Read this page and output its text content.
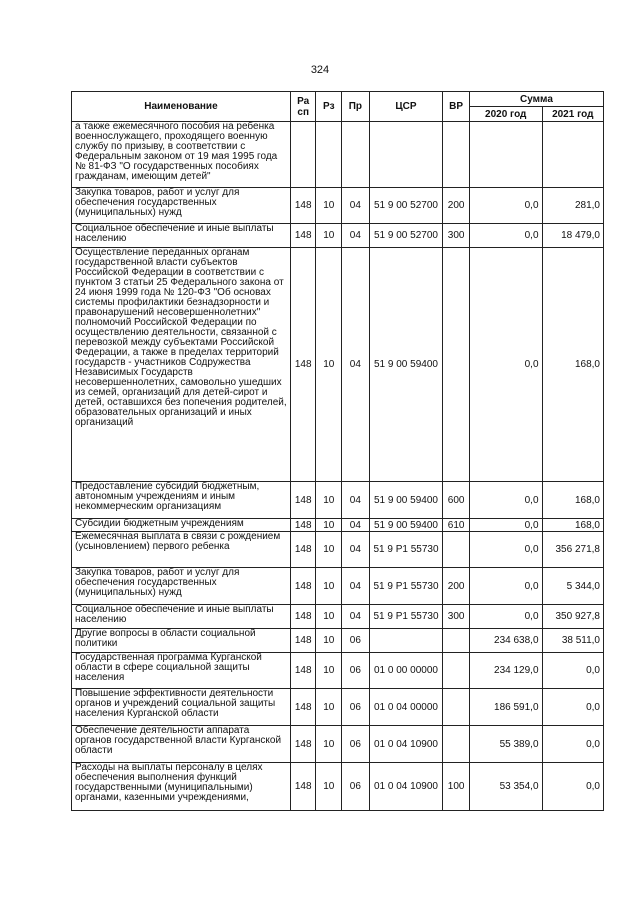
324
Наименование	Ра сп	Рз	Пр	ЦСР	ВР	Сумма	
						2020 год	2021 год
а также ежемесячного пособия на ребенка военнослужащего, проходящего военную службу по призыву, в соответствии с Федеральным законом от 19 мая 1995 года № 81-ФЗ "О государственных пособиях гражданам, имеющим детей"							
Закупка товаров, работ и услуг для обеспечения государственных (муниципальных) нужд	148	10	04	51 9 00 52700	200	0,0	281,0
Социальное обеспечение и иные выплаты населению	148	10	04	51 9 00 52700	300	0,0	18 479,0
Осуществление переданных органам государственной власти субъектов Российской Федерации в соответствии с пунктом 3 статьи 25 Федерального закона от 24 июня 1999 года № 120-ФЗ "Об основах системы профилактики безнадзорности и правонарушений несовершеннолетних" полномочий Российской Федерации по осуществлению деятельности, связанной с перевозкой между субъектами Российской Федерации, а также в пределах территорий государств - участников Содружества Независимых Государств несовершеннолетних, самовольно ушедших из семей, организаций для детей-сирот и детей, оставшихся без попечения родителей, образовательных организаций и иных организаций	148	10	04	51 9 00 59400		0,0	168,0
Предоставление субсидий бюджетным, автономным учреждениям и иным некоммерческим организациям	148	10	04	51 9 00 59400	600	0,0	168,0
Субсидии бюджетным учреждениям	148	10	04	51 9 00 59400	610	0,0	168,0
Ежемесячная выплата в связи с рождением (усыновлением) первого ребенка	148	10	04	51 9 P1 55730		0,0	356 271,8
Закупка товаров, работ и услуг для обеспечения государственных (муниципальных) нужд	148	10	04	51 9 P1 55730	200	0,0	5 344,0
Социальное обеспечение и иные выплаты населению	148	10	04	51 9 P1 55730	300	0,0	350 927,8
Другие вопросы в области социальной политики	148	10	06			234 638,0	38 511,0
Государственная программа Курганской области в сфере социальной защиты населения	148	10	06	01 0 00 00000		234 129,0	0,0
Повышение эффективности деятельности органов и учреждений социальной защиты населения Курганской области	148	10	06	01 0 04 00000		186 591,0	0,0
Обеспечение деятельности аппарата органов государственной власти Курганской области	148	10	06	01 0 04 10900		55 389,0	0,0
Расходы на выплаты персоналу в целях обеспечения выполнения функций государственными (муниципальными) органами, казенными учреждениями,	148	10	06	01 0 04 10900	100	53 354,0	0,0
